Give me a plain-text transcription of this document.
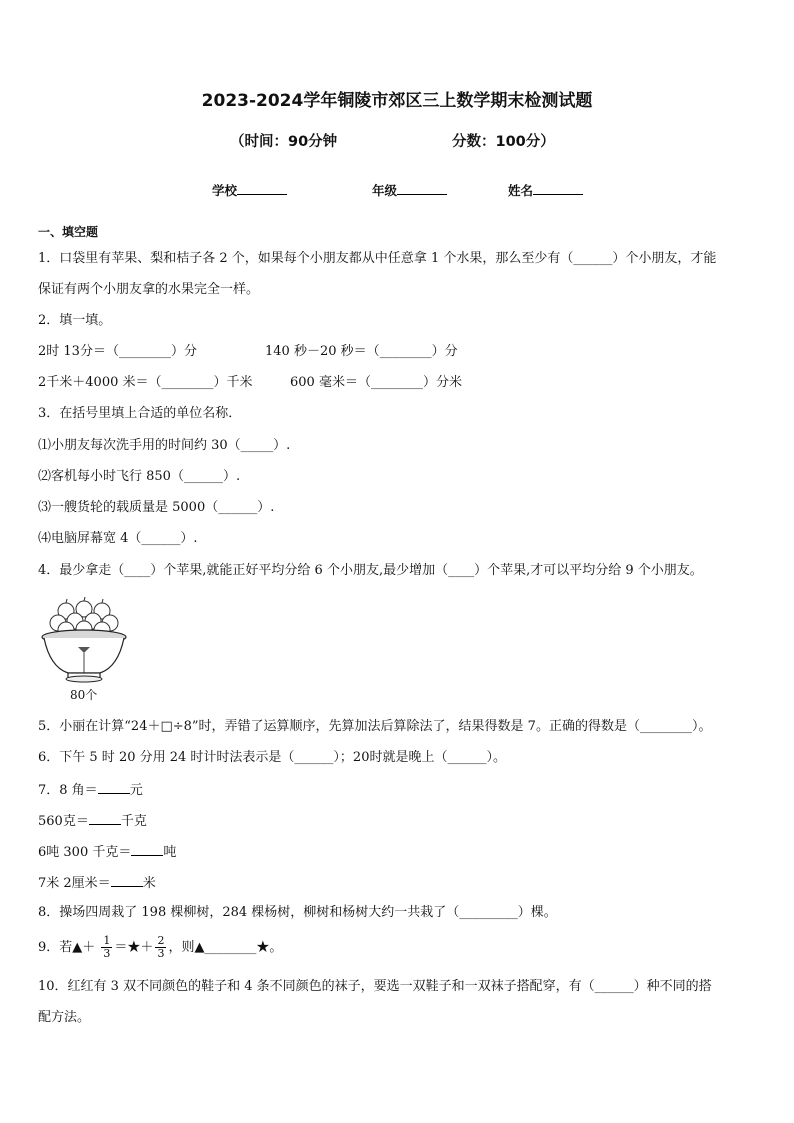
2023-2024学年铜陵市郊区三上数学期末检测试题
（时间：90分钟	分数：100分）
学校	年级	姓名
一、填空题
1．口袋里有苹果、梨和桔子各 2 个，如果每个小朋友都从中任意拿 1 个水果，那么至少有（______）个小朋友，才能
保证有两个小朋友拿的水果完全一样。
2．填一填。
2时 13分＝（________）分	140 秒－20 秒＝（________）分
2千米＋4000 米＝（________）千米	600 毫米＝（________）分米
3．在括号里填上合适的单位名称．
⑴小朋友每次洗手用的时间约 30（_____）.
⑵客机每小时飞行 850（______）.
⑶一艘货轮的载质量是 5000（______）.
⑷电脑屏幕宽 4（______）.
4．最少拿走（____）个苹果,就能正好平均分给 6 个小朋友,最少增加（____）个苹果,才可以平均分给 9 个小朋友。
80个
5．小丽在计算“24＋□÷8”时，弄错了运算顺序，先算加法后算除法了，结果得数是 7。正确的得数是（________）。
6．下午 5 时 20 分用 24 时计时法表示是（______）；20时就是晚上（______）。
7．8 角＝ 元
560克＝ 千克
6吨 300 千克＝ 吨
7米 2厘米＝ 米
8．操场四周栽了 198 棵柳树，284 棵杨树，柳树和杨树大约一共栽了（_________）棵。
9．若▲＋ $\frac{1}{3}$ ＝★＋ $\frac{2}{3}$ ，则▲________★。
10．红红有 3 双不同颜色的鞋子和 4 条不同颜色的袜子，要选一双鞋子和一双袜子搭配穿，有（______）种不同的搭
配方法。
